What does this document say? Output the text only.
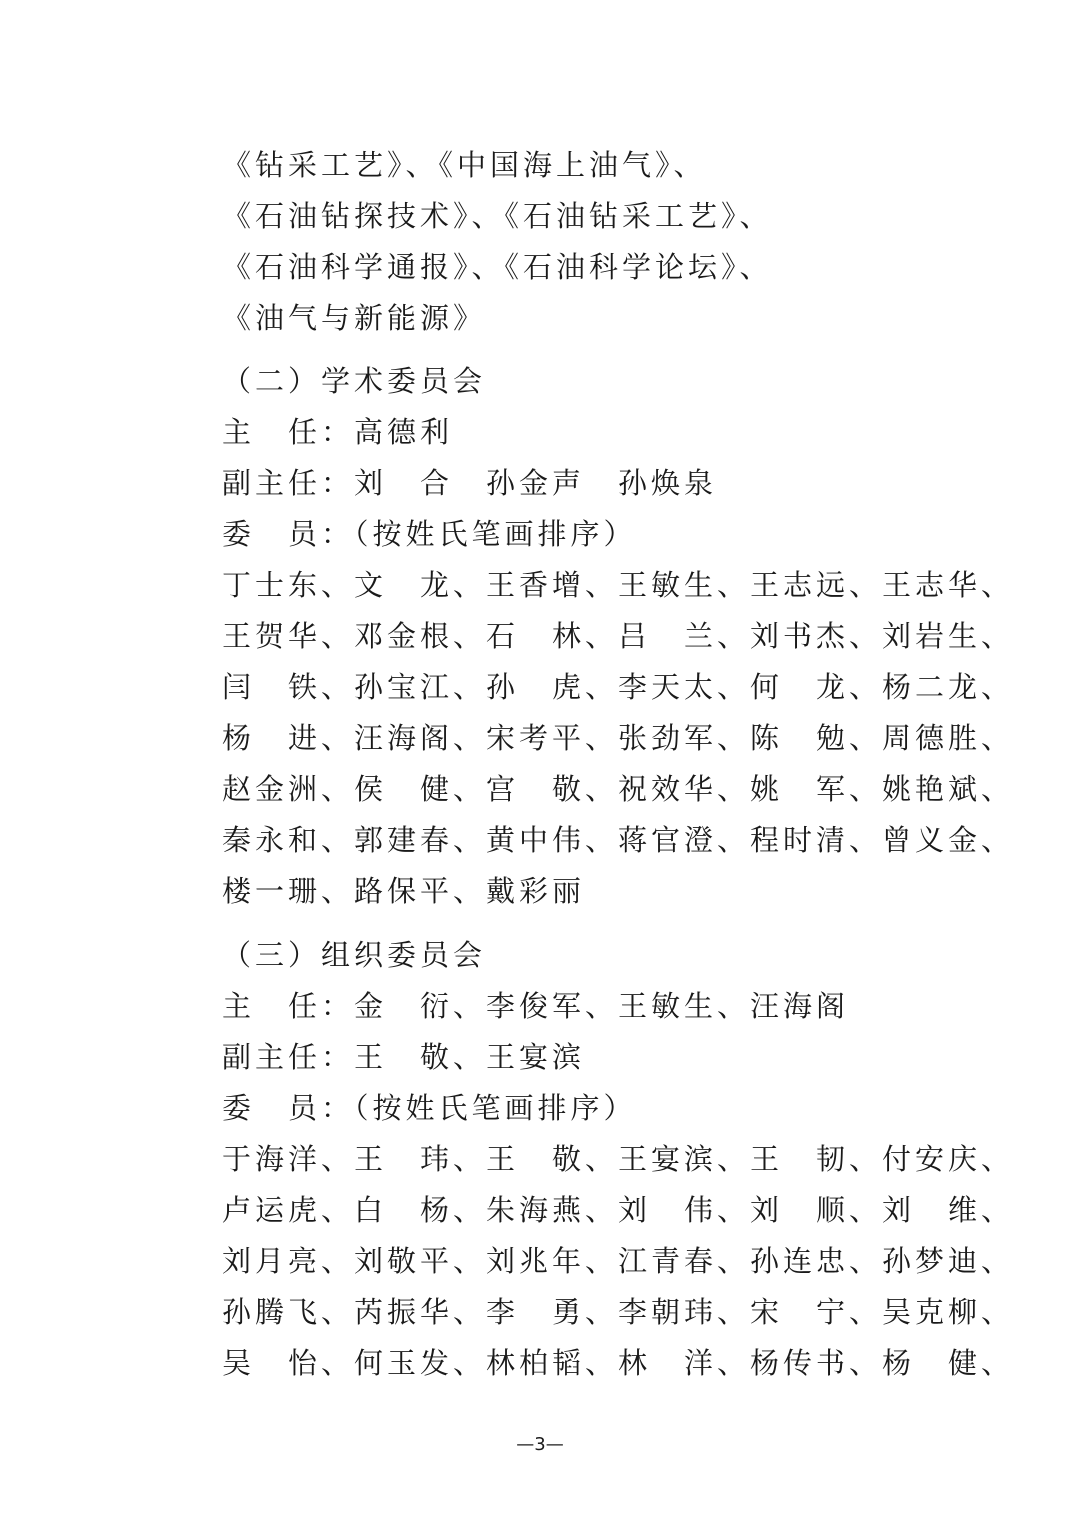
《钻采工艺》、《中国海上油气》、
《石油钻探技术》、《石油钻采工艺》、
《石油科学通报》、《石油科学论坛》、
《油气与新能源》
（二）学术委员会
主　任：高德利
副主任：刘　合　孙金声　孙焕泉
委　员：（按姓氏笔画排序）
丁士东、文　龙、王香增、王敏生、王志远、王志华、
王贺华、邓金根、石　林、吕　兰、刘书杰、刘岩生、
闫　铁、孙宝江、孙　虎、李天太、何　龙、杨二龙、
杨　进、汪海阁、宋考平、张劲军、陈　勉、周德胜、
赵金洲、侯　健、宫　敬、祝效华、姚　军、姚艳斌、
秦永和、郭建春、黄中伟、蒋官澄、程时清、曾义金、
楼一珊、路保平、戴彩丽
（三）组织委员会
主　任：金　衍、李俊军、王敏生、汪海阁
副主任：王　敬、王宴滨
委　员：（按姓氏笔画排序）
于海洋、王　玮、王　敬、王宴滨、王　韧、付安庆、
卢运虎、白　杨、朱海燕、刘　伟、刘　顺、刘　维、
刘月亮、刘敬平、刘兆年、江青春、孙连忠、孙梦迪、
孙腾飞、芮振华、李　勇、李朝玮、宋　宁、吴克柳、
吴　怡、何玉发、林柏韬、林　洋、杨传书、杨　健、
—3—
